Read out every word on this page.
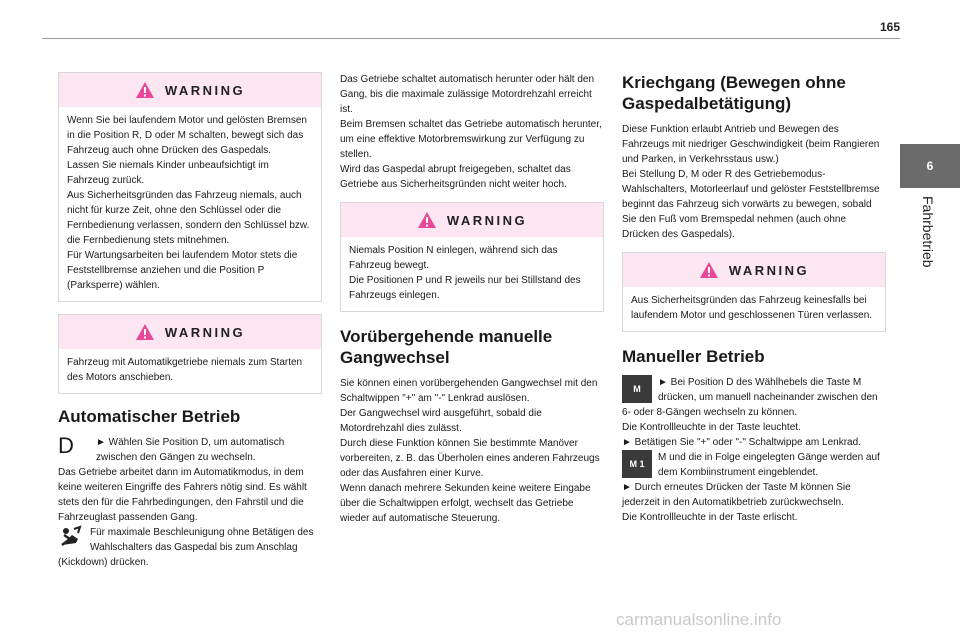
165
6
Fahrbetrieb
WARNING

Wenn Sie bei laufendem Motor und gelösten Bremsen in die Position R, D oder M schalten, bewegt sich das Fahrzeug auch ohne Drücken des Gaspedals.

Lassen Sie niemals Kinder unbeaufsichtigt im Fahrzeug zurück.

Aus Sicherheitsgründen das Fahrzeug niemals, auch nicht für kurze Zeit, ohne den Schlüssel oder die Fernbedienung verlassen, sondern den Schlüssel bzw. die Fernbedienung stets mitnehmen.

Für Wartungsarbeiten bei laufendem Motor stets die Feststellbremse anziehen und die Position P (Parksperre) wählen.

WARNING

Fahrzeug mit Automatikgetriebe niemals zum Starten des Motors anschieben.

Automatischer Betrieb
D	► Wählen Sie Position D, um automatisch zwischen den Gängen zu wechseln.

Das Getriebe arbeitet dann im Automatikmodus, in dem keine weiteren Eingriffe des Fahrers nötig sind. Es wählt stets den für die Fahrbedingungen, den Fahrstil und die Fahrzeuglast passenden Gang.

Für maximale Beschleunigung ohne Betätigen des Wahlschalters das Gaspedal bis zum Anschlag (Kickdown) drücken.

Das Getriebe schaltet automatisch herunter oder hält den Gang, bis die maximale zulässige Motordrehzahl erreicht ist.

Beim Bremsen schaltet das Getriebe automatisch herunter, um eine effektive Motorbremswirkung zur Verfügung zu stellen.

Wird das Gaspedal abrupt freigegeben, schaltet das Getriebe aus Sicherheitsgründen nicht weiter hoch.

WARNING

Niemals Position N einlegen, während sich das Fahrzeug bewegt.

Die Positionen P und R jeweils nur bei Stillstand des Fahrzeugs einlegen.

Vorübergehende manuelle Gangwechsel

Sie können einen vorübergehenden Gangwechsel mit den Schaltwippen "+" am "-" Lenkrad auslösen.

Der Gangwechsel wird ausgeführt, sobald die Motordrehzahl dies zulässt.

Durch diese Funktion können Sie bestimmte Manöver vorbereiten, z. B. das Überholen eines anderen Fahrzeugs oder das Ausfahren einer Kurve.

Wenn danach mehrere Sekunden keine weitere Eingabe über die Schaltwippen erfolgt, wechselt das Getriebe wieder auf automatische Steuerung.

Kriechgang (Bewegen ohne Gaspedalbetätigung)

Diese Funktion erlaubt Antrieb und Bewegen des Fahrzeugs mit niedriger Geschwindigkeit (beim Rangieren und Parken, in Verkehrsstaus usw.)

Bei Stellung D, M oder R des Getriebemodus-Wahlschalters, Motorleerlauf und gelöster Feststellbremse beginnt das Fahrzeug sich vorwärts zu bewegen, sobald Sie den Fuß vom Bremspedal nehmen (auch ohne Drücken des Gaspedals).

WARNING

Aus Sicherheitsgründen das Fahrzeug keinesfalls bei laufendem Motor und geschlossenen Türen verlassen.

Manueller Betrieb
M

► Bei Position D des Wählhebels die Taste M drücken, um manuell nacheinander zwischen den 6- oder 8-Gängen wechseln zu können.

Die Kontrollleuchte in der Taste leuchtet.

► Betätigen Sie "+" oder "-" Schaltwippe am Lenkrad.

M 1

M und die in Folge eingelegten Gänge werden auf dem Kombiinstrument eingeblendet.

► Durch erneutes Drücken der Taste M können Sie jederzeit in den Automatikbetrieb zurückwechseln.

Die Kontrollleuchte in der Taste erlischt.

carmanualsonline.info
